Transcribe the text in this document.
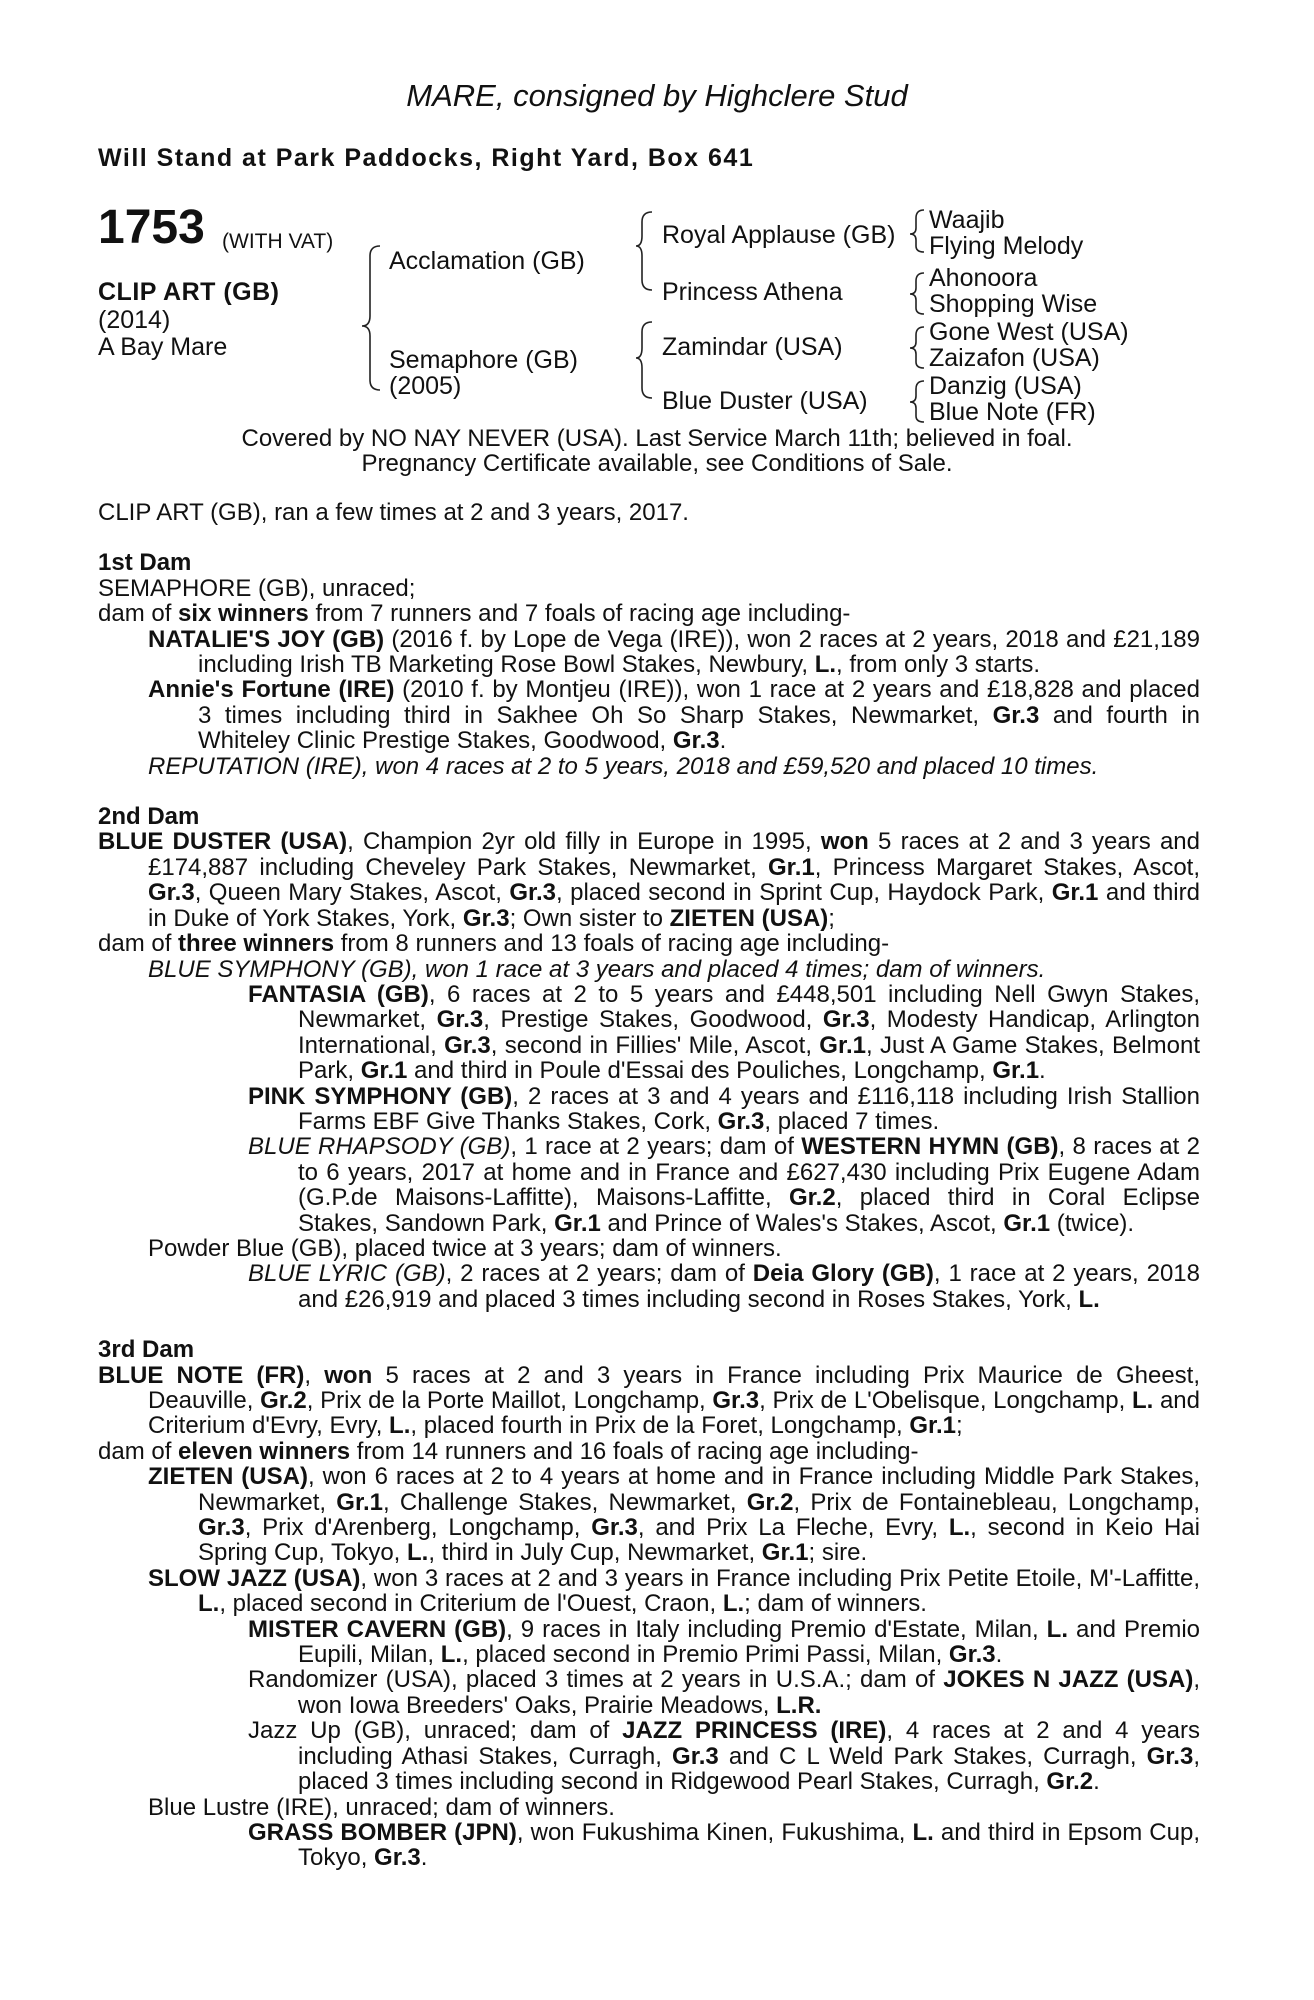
MARE, consigned by Highclere Stud
Will Stand at Park Paddocks, Right Yard, Box 641
1753 (WITH VAT)
CLIP ART (GB)
(2014)
A Bay Mare
Acclamation (GB)
Semaphore (GB)
(2005)
Royal Applause (GB)
Princess Athena
Zamindar (USA)
Blue Duster (USA)
Waajib
Flying Melody
Ahonoora
Shopping Wise
Gone West (USA)
Zaizafon (USA)
Danzig (USA)
Blue Note (FR)
Covered by NO NAY NEVER (USA). Last Service March 11th; believed in foal.
Pregnancy Certificate available, see Conditions of Sale.

CLIP ART (GB), ran a few times at 2 and 3 years, 2017.

1st Dam

SEMAPHORE (GB), unraced;

dam of six winners from 7 runners and 7 foals of racing age including-

NATALIE'S JOY (GB) (2016 f. by Lope de Vega (IRE)), won 2 races at 2 years, 2018 and £21,189 including Irish TB Marketing Rose Bowl Stakes, Newbury, L., from only 3 starts.

Annie's Fortune (IRE) (2010 f. by Montjeu (IRE)), won 1 race at 2 years and £18,828 and placed 3 times including third in Sakhee Oh So Sharp Stakes, Newmarket, Gr.3 and fourth in Whiteley Clinic Prestige Stakes, Goodwood, Gr.3.

REPUTATION (IRE), won 4 races at 2 to 5 years, 2018 and £59,520 and placed 10 times.

2nd Dam

BLUE DUSTER (USA), Champion 2yr old filly in Europe in 1995, won 5 races at 2 and 3 years and £174,887 including Cheveley Park Stakes, Newmarket, Gr.1, Princess Margaret Stakes, Ascot, Gr.3, Queen Mary Stakes, Ascot, Gr.3, placed second in Sprint Cup, Haydock Park, Gr.1 and third in Duke of York Stakes, York, Gr.3; Own sister to ZIETEN (USA);

dam of three winners from 8 runners and 13 foals of racing age including-

BLUE SYMPHONY (GB), won 1 race at 3 years and placed 4 times; dam of winners.

FANTASIA (GB), 6 races at 2 to 5 years and £448,501 including Nell Gwyn Stakes, Newmarket, Gr.3, Prestige Stakes, Goodwood, Gr.3, Modesty Handicap, Arlington International, Gr.3, second in Fillies' Mile, Ascot, Gr.1, Just A Game Stakes, Belmont Park, Gr.1 and third in Poule d'Essai des Pouliches, Longchamp, Gr.1.

PINK SYMPHONY (GB), 2 races at 3 and 4 years and £116,118 including Irish Stallion Farms EBF Give Thanks Stakes, Cork, Gr.3, placed 7 times.

BLUE RHAPSODY (GB), 1 race at 2 years; dam of WESTERN HYMN (GB), 8 races at 2 to 6 years, 2017 at home and in France and £627,430 including Prix Eugene Adam (G.P.de Maisons-Laffitte), Maisons-Laffitte, Gr.2, placed third in Coral Eclipse Stakes, Sandown Park, Gr.1 and Prince of Wales's Stakes, Ascot, Gr.1 (twice).

Powder Blue (GB), placed twice at 3 years; dam of winners.

BLUE LYRIC (GB), 2 races at 2 years; dam of Deia Glory (GB), 1 race at 2 years, 2018 and £26,919 and placed 3 times including second in Roses Stakes, York, L.

3rd Dam

BLUE NOTE (FR), won 5 races at 2 and 3 years in France including Prix Maurice de Gheest, Deauville, Gr.2, Prix de la Porte Maillot, Longchamp, Gr.3, Prix de L'Obelisque, Longchamp, L. and Criterium d'Evry, Evry, L., placed fourth in Prix de la Foret, Longchamp, Gr.1;

dam of eleven winners from 14 runners and 16 foals of racing age including-

ZIETEN (USA), won 6 races at 2 to 4 years at home and in France including Middle Park Stakes, Newmarket, Gr.1, Challenge Stakes, Newmarket, Gr.2, Prix de Fontainebleau, Longchamp, Gr.3, Prix d'Arenberg, Longchamp, Gr.3, and Prix La Fleche, Evry, L., second in Keio Hai Spring Cup, Tokyo, L., third in July Cup, Newmarket, Gr.1; sire.

SLOW JAZZ (USA), won 3 races at 2 and 3 years in France including Prix Petite Etoile, M'-Laffitte, L., placed second in Criterium de l'Ouest, Craon, L.; dam of winners.

MISTER CAVERN (GB), 9 races in Italy including Premio d'Estate, Milan, L. and Premio Eupili, Milan, L., placed second in Premio Primi Passi, Milan, Gr.3.

Randomizer (USA), placed 3 times at 2 years in U.S.A.; dam of JOKES N JAZZ (USA), won Iowa Breeders' Oaks, Prairie Meadows, L.R.

Jazz Up (GB), unraced; dam of JAZZ PRINCESS (IRE), 4 races at 2 and 4 years including Athasi Stakes, Curragh, Gr.3 and C L Weld Park Stakes, Curragh, Gr.3, placed 3 times including second in Ridgewood Pearl Stakes, Curragh, Gr.2.

Blue Lustre (IRE), unraced; dam of winners.

GRASS BOMBER (JPN), won Fukushima Kinen, Fukushima, L. and third in Epsom Cup, Tokyo, Gr.3.
